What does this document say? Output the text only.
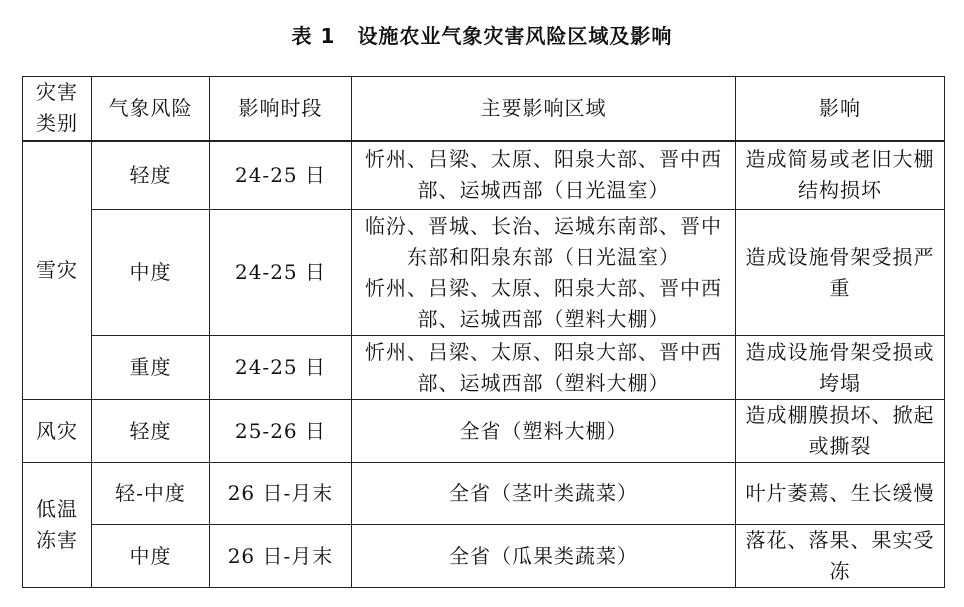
表 1 设施农业气象灾害风险区域及影响
灾害类别	气象风险	影响时段	主要影响区域	影响
雪灾	轻度	24-25 日	忻州、吕梁、太原、阳泉大部、晋中西部、运城西部（日光温室）	造成简易或老旧大棚结构损坏
	中度	24-25 日	临汾、晋城、长治、运城东南部、晋中东部和阳泉东部（日光温室）
忻州、吕梁、太原、阳泉大部、晋中西部、运城西部（塑料大棚）	造成设施骨架受损严重
	重度	24-25 日	忻州、吕梁、太原、阳泉大部、晋中西部、运城西部（塑料大棚）	造成设施骨架受损或垮塌
风灾	轻度	25-26 日	全省（塑料大棚）	造成棚膜损坏、掀起或撕裂
低温冻害	轻-中度	26 日-月末	全省（茎叶类蔬菜）	叶片萎蔫、生长缓慢
	中度	26 日-月末	全省（瓜果类蔬菜）	落花、落果、果实受冻
